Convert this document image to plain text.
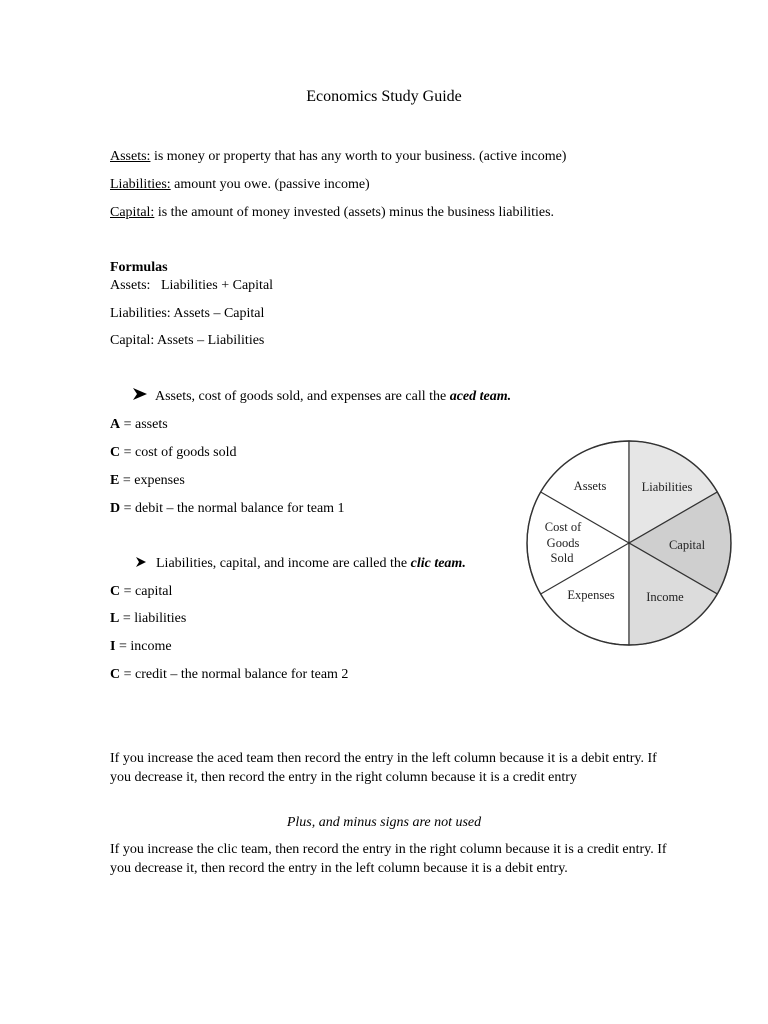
Economics Study Guide
Assets: is money or property that has any worth to your business. (active income)
Liabilities: amount you owe. (passive income)
Capital: is the amount of money invested (assets) minus the business liabilities.
Formulas
Assets:   Liabilities + Capital
Liabilities: Assets – Capital
Capital: Assets – Liabilities
Assets, cost of goods sold, and expenses are call the aced team.
A = assets
C = cost of goods sold
E = expenses
D = debit – the normal balance for team 1
Liabilities, capital, and income are called the clic team.
C = capital
L = liabilities
I = income
C = credit – the normal balance for team 2
Assets
Cost of
Goods
Sold
Expenses
Liabilities
Capital
Income
If you increase the aced team then record the entry in the left column because it is a debit entry. If you decrease it, then record the entry in the right column because it is a credit entry
Plus, and minus signs are not used
If you increase the clic team, then record the entry in the right column because it is a credit entry. If you decrease it, then record the entry in the left column because it is a debit entry.
